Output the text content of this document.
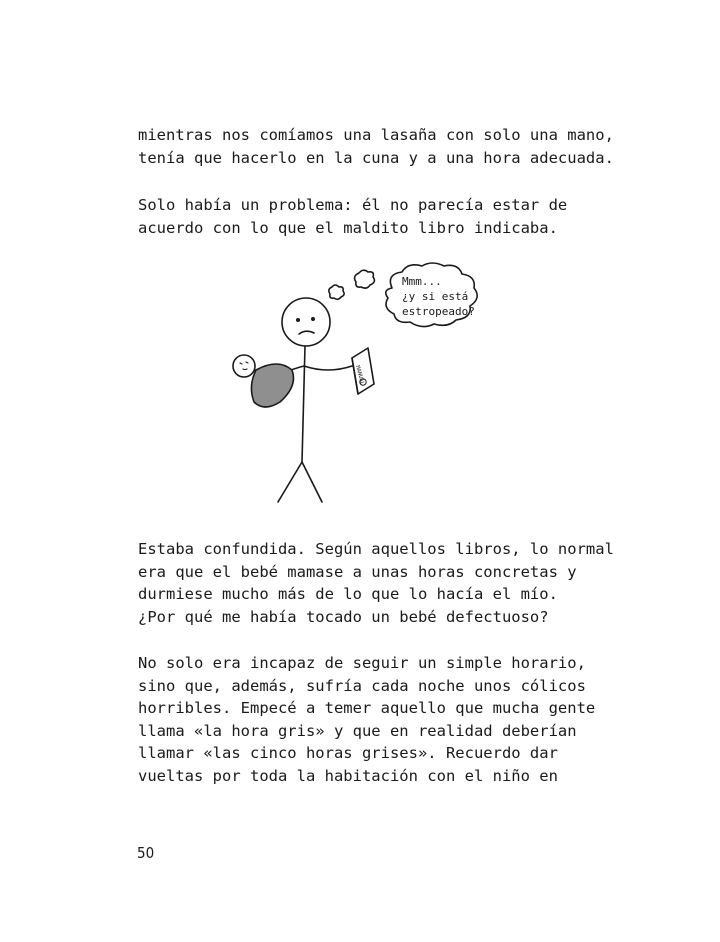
mientras nos comíamos una lasaña con solo una mano,
tenía que hacerlo en la cuna y a una hora adecuada.

Solo había un problema: él no parecía estar de
acuerdo con lo que el maldito libro indicaba.

MANUAL
Mmm...
¿y si está
estropeado?

Estaba confundida. Según aquellos libros, lo normal
era que el bebé mamase a unas horas concretas y
durmiese mucho más de lo que lo hacía el mío.
¿Por qué me había tocado un bebé defectuoso?

No solo era incapaz de seguir un simple horario,
sino que, además, sufría cada noche unos cólicos
horribles. Empecé a temer aquello que mucha gente
llama «la hora gris» y que en realidad deberían
llamar «las cinco horas grises». Recuerdo dar
vueltas por toda la habitación con el niño en

50
